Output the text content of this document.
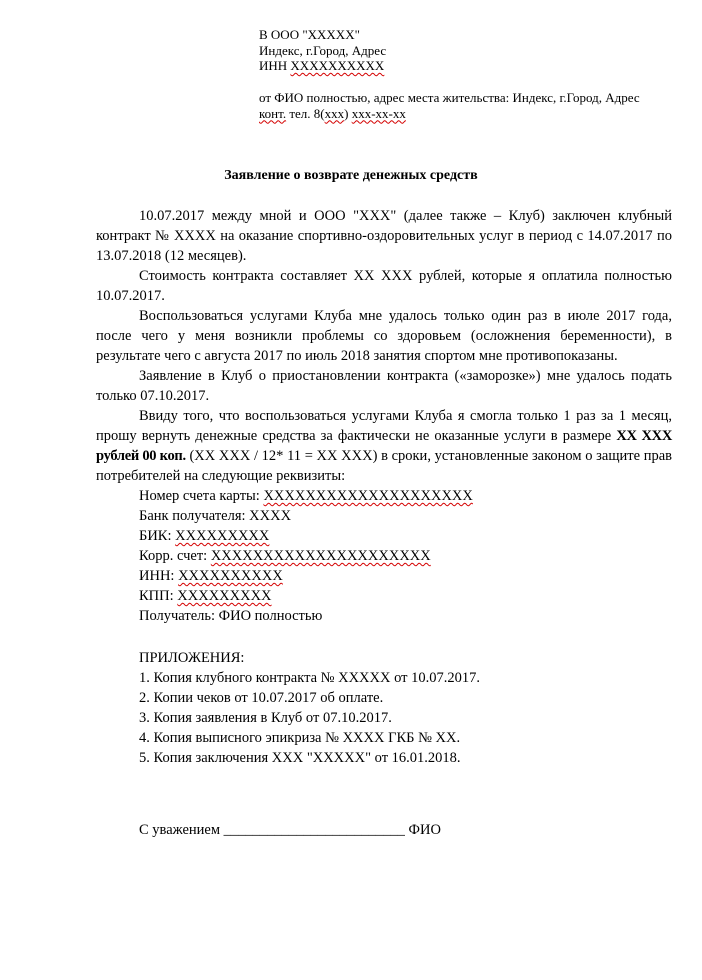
В ООО "ХХХХХ"
Индекс, г.Город, Адрес
ИНН ХХХХХХХХХХ
от ФИО полностью, адрес места жительства: Индекс, г.Город, Адрес
конт. тел. 8(ххх) ххх-хх-хх
Заявление о возврате денежных средств

10.07.2017 между мной и ООО "ХХХ" (далее также – Клуб) заключен клубный контракт № ХХХХ на оказание спортивно-оздоровительных услуг в период с 14.07.2017 по 13.07.2018 (12 месяцев).

Стоимость контракта составляет ХХ ХХХ рублей, которые я оплатила полностью 10.07.2017.

Воспользоваться услугами Клуба мне удалось только один раз в июле 2017 года, после чего у меня возникли проблемы со здоровьем (осложнения беременности), в результате чего с августа 2017 по июль 2018 занятия спортом мне противопоказаны.

Заявление в Клуб о приостановлении контракта («заморозке») мне удалось подать только 07.10.2017.

Ввиду того, что воспользоваться услугами Клуба я смогла только 1 раз за 1 месяц, прошу вернуть денежные средства за фактически не оказанные услуги в размере ХХ ХХХ рублей 00 коп. (ХХ ХХХ / 12* 11 = ХХ ХХХ) в сроки, установленные законом о защите прав потребителей на следующие реквизиты:

Номер счета карты: ХХХХХХХХХХХХХХХХХХХХ
Банк получателя: ХХХХ
БИК: ХХХХХХХХХ
Корр. счет: ХХХХХХХХХХХХХХХХХХХХХ
ИНН: ХХХХХХХХХХ
КПП: ХХХХХХХХХ
Получатель: ФИО полностью
ПРИЛОЖЕНИЯ:
1. Копия клубного контракта № ХХХХХ от 10.07.2017.
2. Копии чеков от 10.07.2017 об оплате.
3. Копия заявления в Клуб от 07.10.2017.
4. Копия выписного эпикриза № ХХХХ ГКБ № ХХ.
5. Копия заключения ХХХ "ХХХХХ" от 16.01.2018.
С уважением _________________________ ФИО
